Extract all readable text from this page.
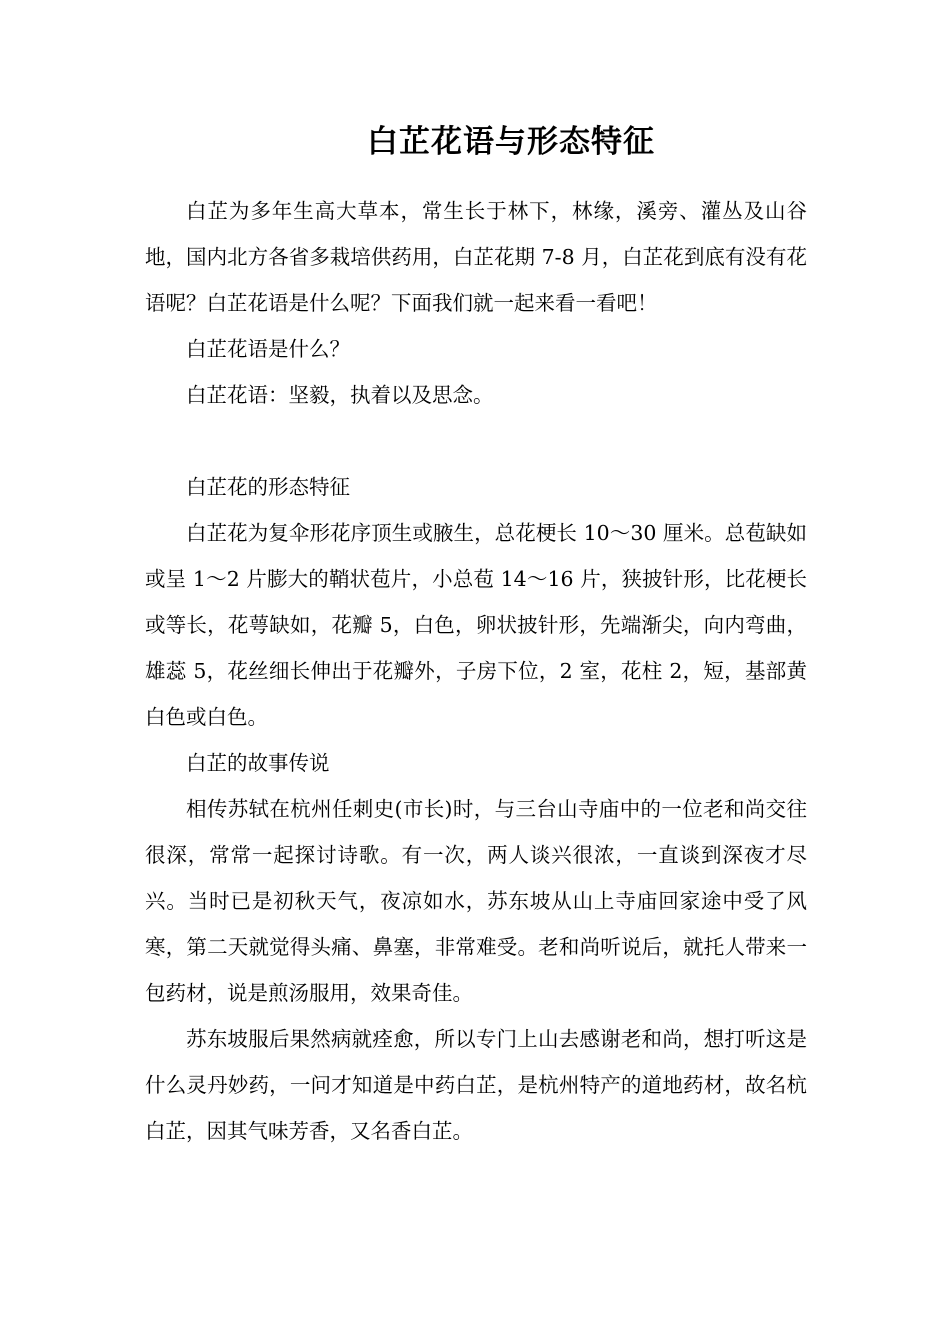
白芷花语与形态特征

白芷为多年生高大草本，常生长于林下，林缘，溪旁、灌丛及山谷地，国内北方各省多栽培供药用，白芷花期 7-8 月，白芷花到底有没有花语呢？白芷花语是什么呢？下面我们就一起来看一看吧！

白芷花语是什么？

白芷花语：坚毅，执着以及思念。

白芷花的形态特征

白芷花为复伞形花序顶生或腋生，总花梗长 10～30 厘米。总苞缺如或呈 1～2 片膨大的鞘状苞片，小总苞 14～16 片，狭披针形，比花梗长或等长，花萼缺如，花瓣 5，白色，卵状披针形，先端渐尖，向内弯曲，雄蕊 5，花丝细长伸出于花瓣外，子房下位，2 室，花柱 2，短，基部黄白色或白色。

白芷的故事传说

相传苏轼在杭州任刺史(市长)时，与三台山寺庙中的一位老和尚交往很深，常常一起探讨诗歌。有一次，两人谈兴很浓，一直谈到深夜才尽兴。当时已是初秋天气，夜凉如水，苏东坡从山上寺庙回家途中受了风寒，第二天就觉得头痛、鼻塞，非常难受。老和尚听说后，就托人带来一包药材，说是煎汤服用，效果奇佳。

苏东坡服后果然病就痊愈，所以专门上山去感谢老和尚，想打听这是什么灵丹妙药，一问才知道是中药白芷，是杭州特产的道地药材，故名杭白芷，因其气味芳香，又名香白芷。
